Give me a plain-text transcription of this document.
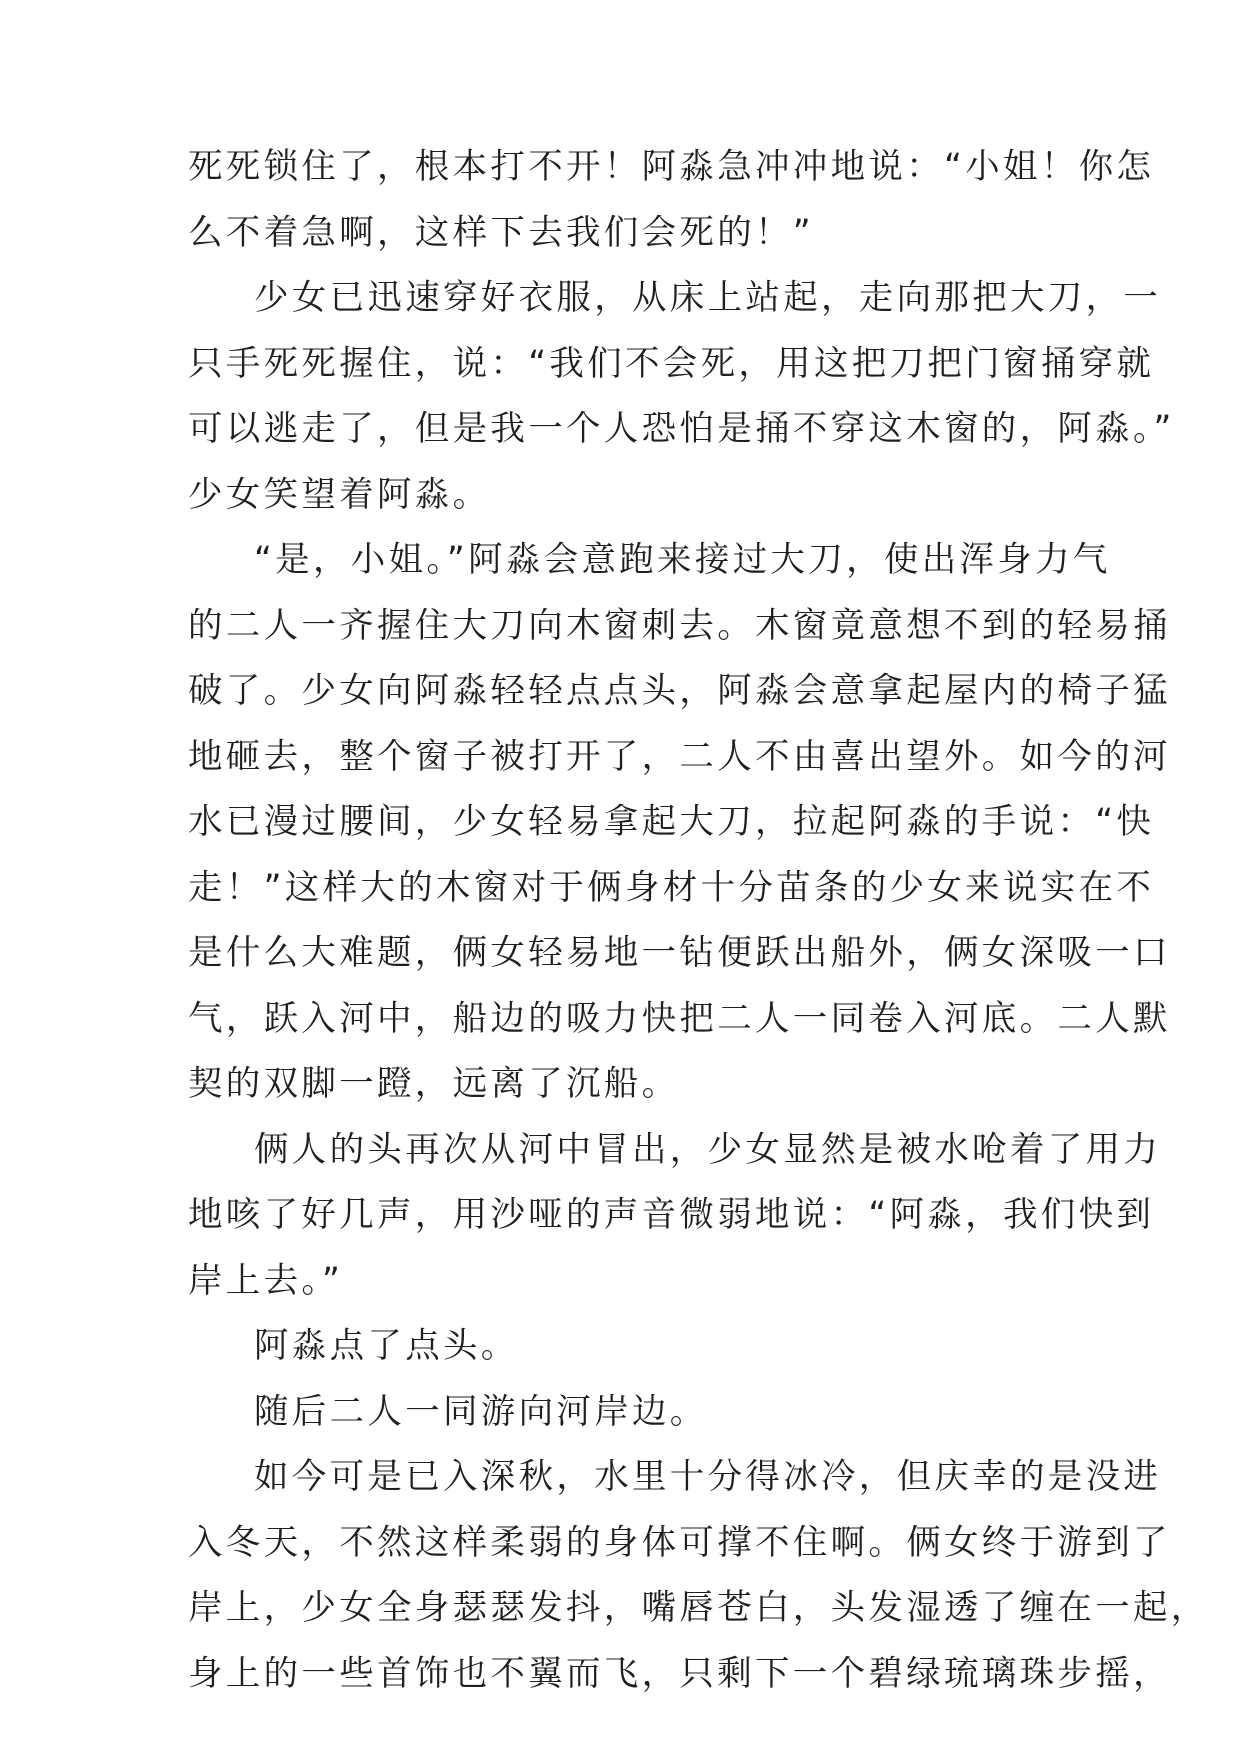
死死锁住了，根本打不开！阿淼急冲冲地说：“小姐！你怎
么不着急啊，这样下去我们会死的！”
少女已迅速穿好衣服，从床上站起，走向那把大刀，一
只手死死握住，说：“我们不会死，用这把刀把门窗捅穿就
可以逃走了，但是我一个人恐怕是捅不穿这木窗的，阿淼。”
少女笑望着阿淼。
“是，小姐。”阿淼会意跑来接过大刀，使出浑身力气
的二人一齐握住大刀向木窗刺去。木窗竟意想不到的轻易捅
破了。少女向阿淼轻轻点点头，阿淼会意拿起屋内的椅子猛
地砸去，整个窗子被打开了，二人不由喜出望外。如今的河
水已漫过腰间，少女轻易拿起大刀，拉起阿淼的手说：“快
走！”这样大的木窗对于俩身材十分苗条的少女来说实在不
是什么大难题，俩女轻易地一钻便跃出船外，俩女深吸一口
气，跃入河中，船边的吸力快把二人一同卷入河底。二人默
契的双脚一蹬，远离了沉船。
俩人的头再次从河中冒出，少女显然是被水呛着了用力
地咳了好几声，用沙哑的声音微弱地说：“阿淼，我们快到
岸上去。”
阿淼点了点头。
随后二人一同游向河岸边。
如今可是已入深秋，水里十分得冰冷，但庆幸的是没进
入冬天，不然这样柔弱的身体可撑不住啊。俩女终于游到了
岸上，少女全身瑟瑟发抖，嘴唇苍白，头发湿透了缠在一起，
身上的一些首饰也不翼而飞，只剩下一个碧绿琉璃珠步摇，
